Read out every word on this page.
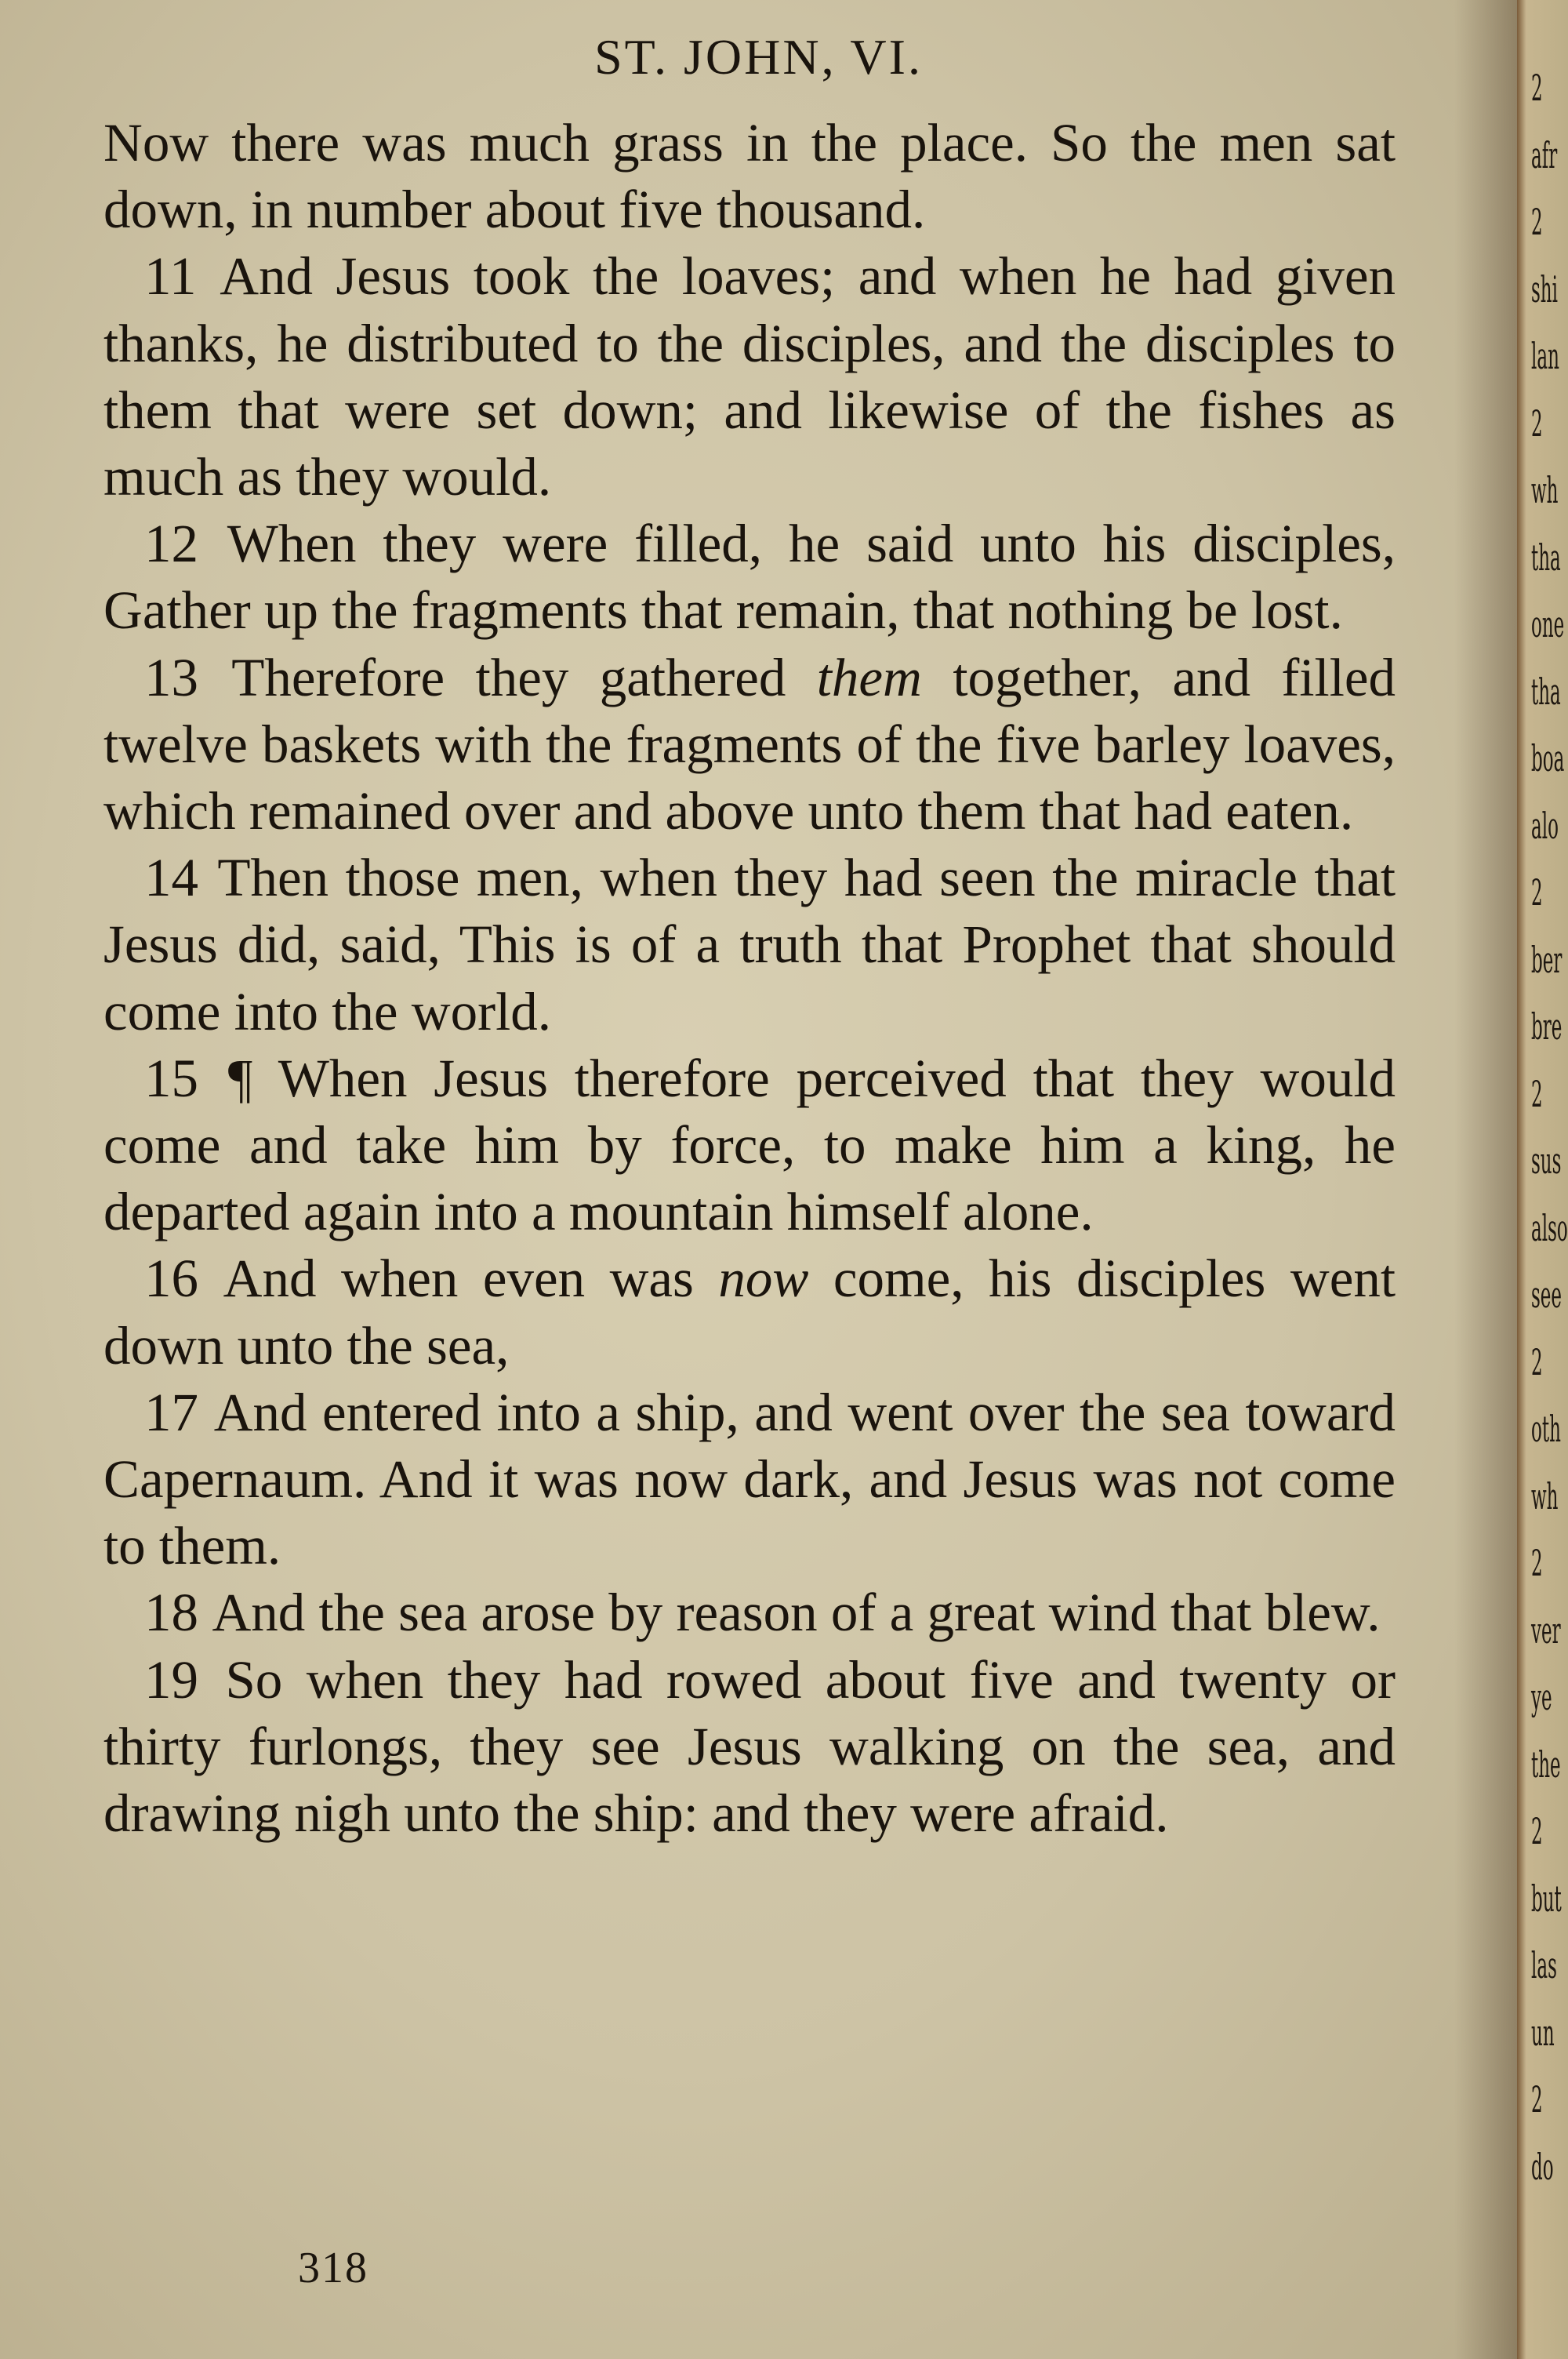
ST. JOHN, VI.

Now there was much grass in the place. So the men sat down, in number about five thousand.

11 And Jesus took the loaves; and when he had given thanks, he distributed to the disciples, and the disciples to them that were set down; and likewise of the fishes as much as they would.

12 When they were filled, he said unto his disciples, Gather up the fragments that remain, that nothing be lost.

13 Therefore they gathered them together, and filled twelve baskets with the fragments of the five barley loaves, which remained over and above unto them that had eaten.

14 Then those men, when they had seen the miracle that Jesus did, said, This is of a truth that Prophet that should come into the world.

15 ¶ When Jesus therefore perceived that they would come and take him by force, to make him a king, he departed again into a mountain himself alone.

16 And when even was now come, his disciples went down unto the sea,

17 And entered into a ship, and went over the sea toward Capernaum. And it was now dark, and Jesus was not come to them.

18 And the sea arose by reason of a great wind that blew.

19 So when they had rowed about five and twenty or thirty furlongs, they see Jesus walking on the sea, and drawing nigh unto the ship: and they were afraid.

318
2
afr
2
shi
lan
2
wh
tha
one
tha
boa
alo
2
ber
bre
2
sus
also
see
2
oth
wh
2
ver
ye
the
2
but
las
un
2
do
